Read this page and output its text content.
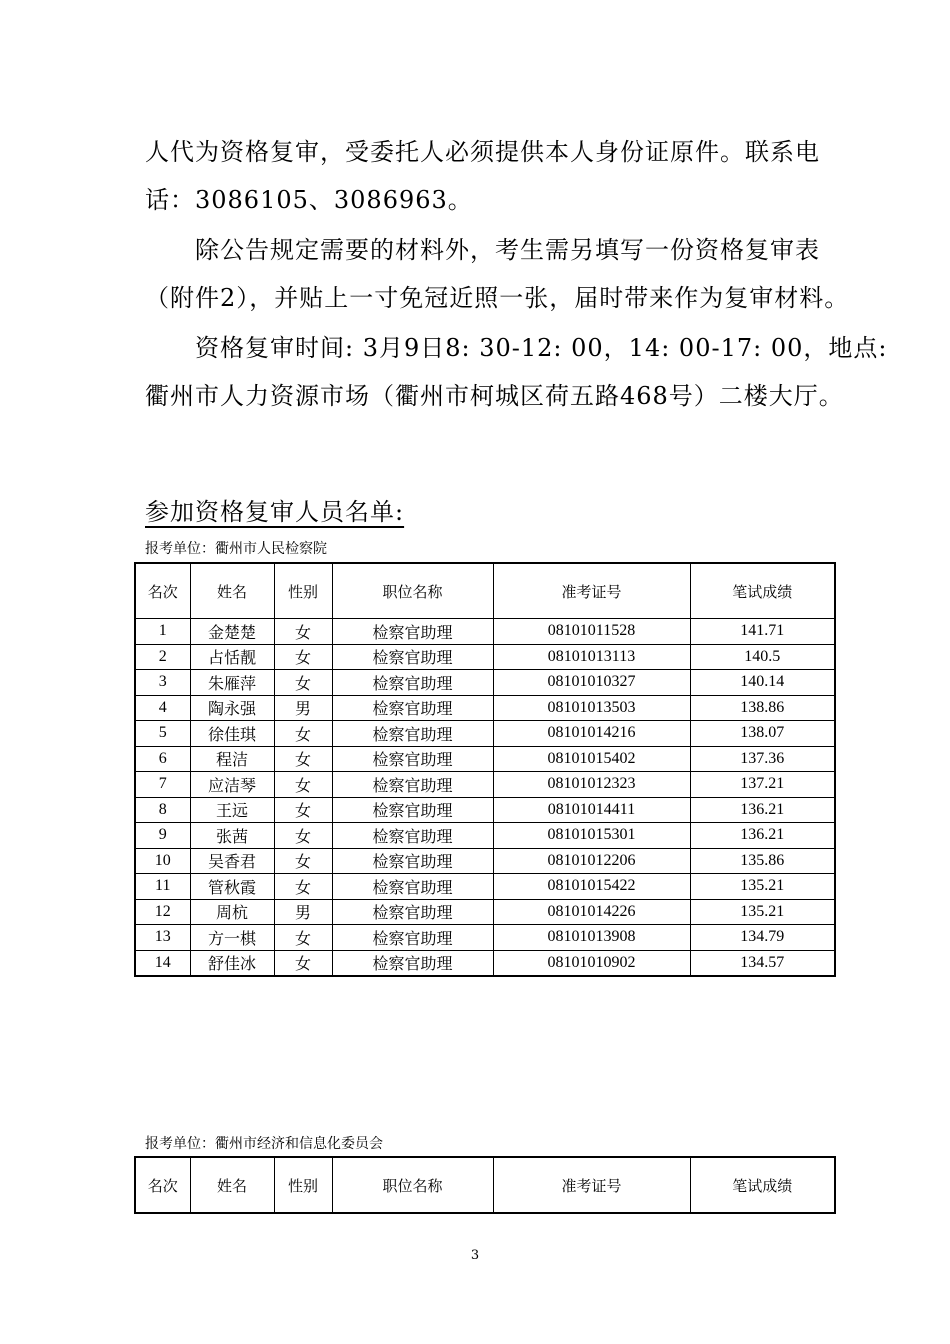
人代为资格复审，受委托人必须提供本人身份证原件。联系电
话：3086105、3086963。

　　除公告规定需要的材料外，考生需另填写一份资格复审表
（附件2），并贴上一寸免冠近照一张，届时带来作为复审材料。

　　资格复审时间: 3月9日8: 30-12: 00，14: 00-17: 00，地点:
衢州市人力资源市场（衢州市柯城区荷五路468号）二楼大厅。

参加资格复审人员名单:

报考单位：衢州市人民检察院

名次	姓名	性别	职位名称	准考证号	笔试成绩
1	金楚楚	女	检察官助理	08101011528	141.71
2	占恬靓	女	检察官助理	08101013113	140.5
3	朱雁萍	女	检察官助理	08101010327	140.14
4	陶永强	男	检察官助理	08101013503	138.86
5	徐佳琪	女	检察官助理	08101014216	138.07
6	程洁	女	检察官助理	08101015402	137.36
7	应洁琴	女	检察官助理	08101012323	137.21
8	王远	女	检察官助理	08101014411	136.21
9	张茜	女	检察官助理	08101015301	136.21
10	吴香君	女	检察官助理	08101012206	135.86
11	管秋霞	女	检察官助理	08101015422	135.21
12	周杭	男	检察官助理	08101014226	135.21
13	方一棋	女	检察官助理	08101013908	134.79
14	舒佳冰	女	检察官助理	08101010902	134.57

报考单位：衢州市经济和信息化委员会

名次	姓名	性别	职位名称	准考证号	笔试成绩

3
